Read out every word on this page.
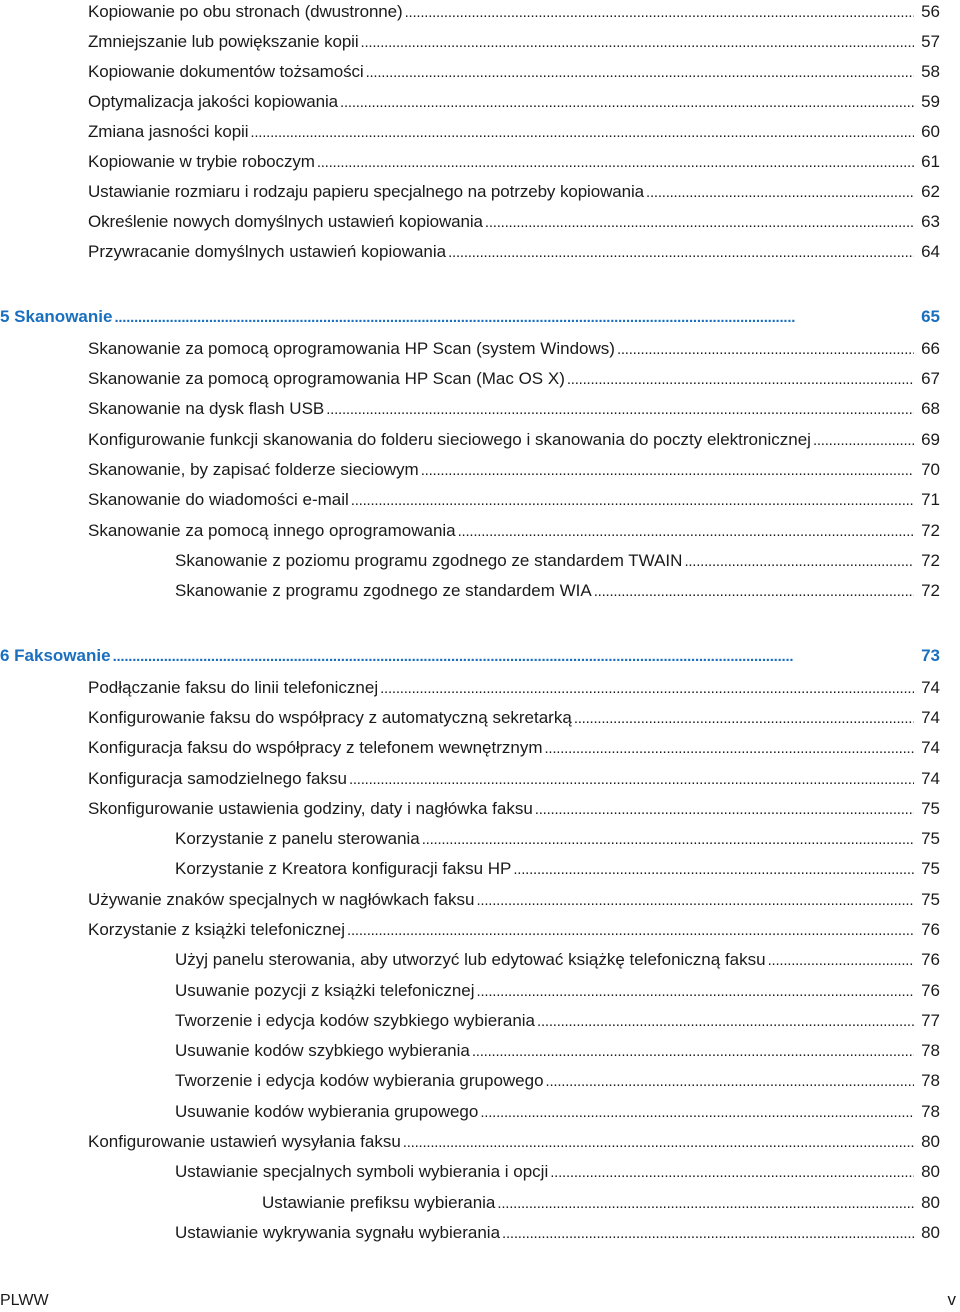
Kopiowanie po obu stronach (dwustronne) . . .	56
Zmniejszanie lub powiększanie kopii . . .	57
Kopiowanie dokumentów tożsamości . . .	58
Optymalizacja jakości kopiowania . . .	59
Zmiana jasności kopii . . .	60
Kopiowanie w trybie roboczym . . .	61
Ustawianie rozmiaru i rodzaju papieru specjalnego na potrzeby kopiowania . . .	62
Określenie nowych domyślnych ustawień kopiowania . . .	63
Przywracanie domyślnych ustawień kopiowania . . .	64
5 Skanowanie . . .	65
Skanowanie za pomocą oprogramowania HP Scan (system Windows) . . .	66
Skanowanie za pomocą oprogramowania HP Scan (Mac OS X) . . .	67
Skanowanie na dysk flash USB . . .	68
Konfigurowanie funkcji skanowania do folderu sieciowego i skanowania do poczty elektronicznej . . .	69
Skanowanie, by zapisać folderze sieciowym . . .	70
Skanowanie do wiadomości e-mail . . .	71
Skanowanie za pomocą innego oprogramowania . . .	72
Skanowanie z poziomu programu zgodnego ze standardem TWAIN . . .	72
Skanowanie z programu zgodnego ze standardem WIA . . .	72
6 Faksowanie . . .	73
Podłączanie faksu do linii telefonicznej . . .	74
Konfigurowanie faksu do współpracy z automatyczną sekretarką . . .	74
Konfiguracja faksu do współpracy z telefonem wewnętrznym . . .	74
Konfiguracja samodzielnego faksu . . .	74
Skonfigurowanie ustawienia godziny, daty i nagłówka faksu . . .	75
Korzystanie z panelu sterowania . . .	75
Korzystanie z Kreatora konfiguracji faksu HP . . .	75
Używanie znaków specjalnych w nagłówkach faksu . . .	75
Korzystanie z książki telefonicznej . . .	76
Użyj panelu sterowania, aby utworzyć lub edytować książkę telefoniczną faksu . . .	76
Usuwanie pozycji z książki telefonicznej . . .	76
Tworzenie i edycja kodów szybkiego wybierania . . .	77
Usuwanie kodów szybkiego wybierania . . .	78
Tworzenie i edycja kodów wybierania grupowego . . .	78
Usuwanie kodów wybierania grupowego . . .	78
Konfigurowanie ustawień wysyłania faksu . . .	80
Ustawianie specjalnych symboli wybierania i opcji . . .	80
Ustawianie prefiksu wybierania . . .	80
Ustawianie wykrywania sygnału wybierania . . .	80
PLWW	v
